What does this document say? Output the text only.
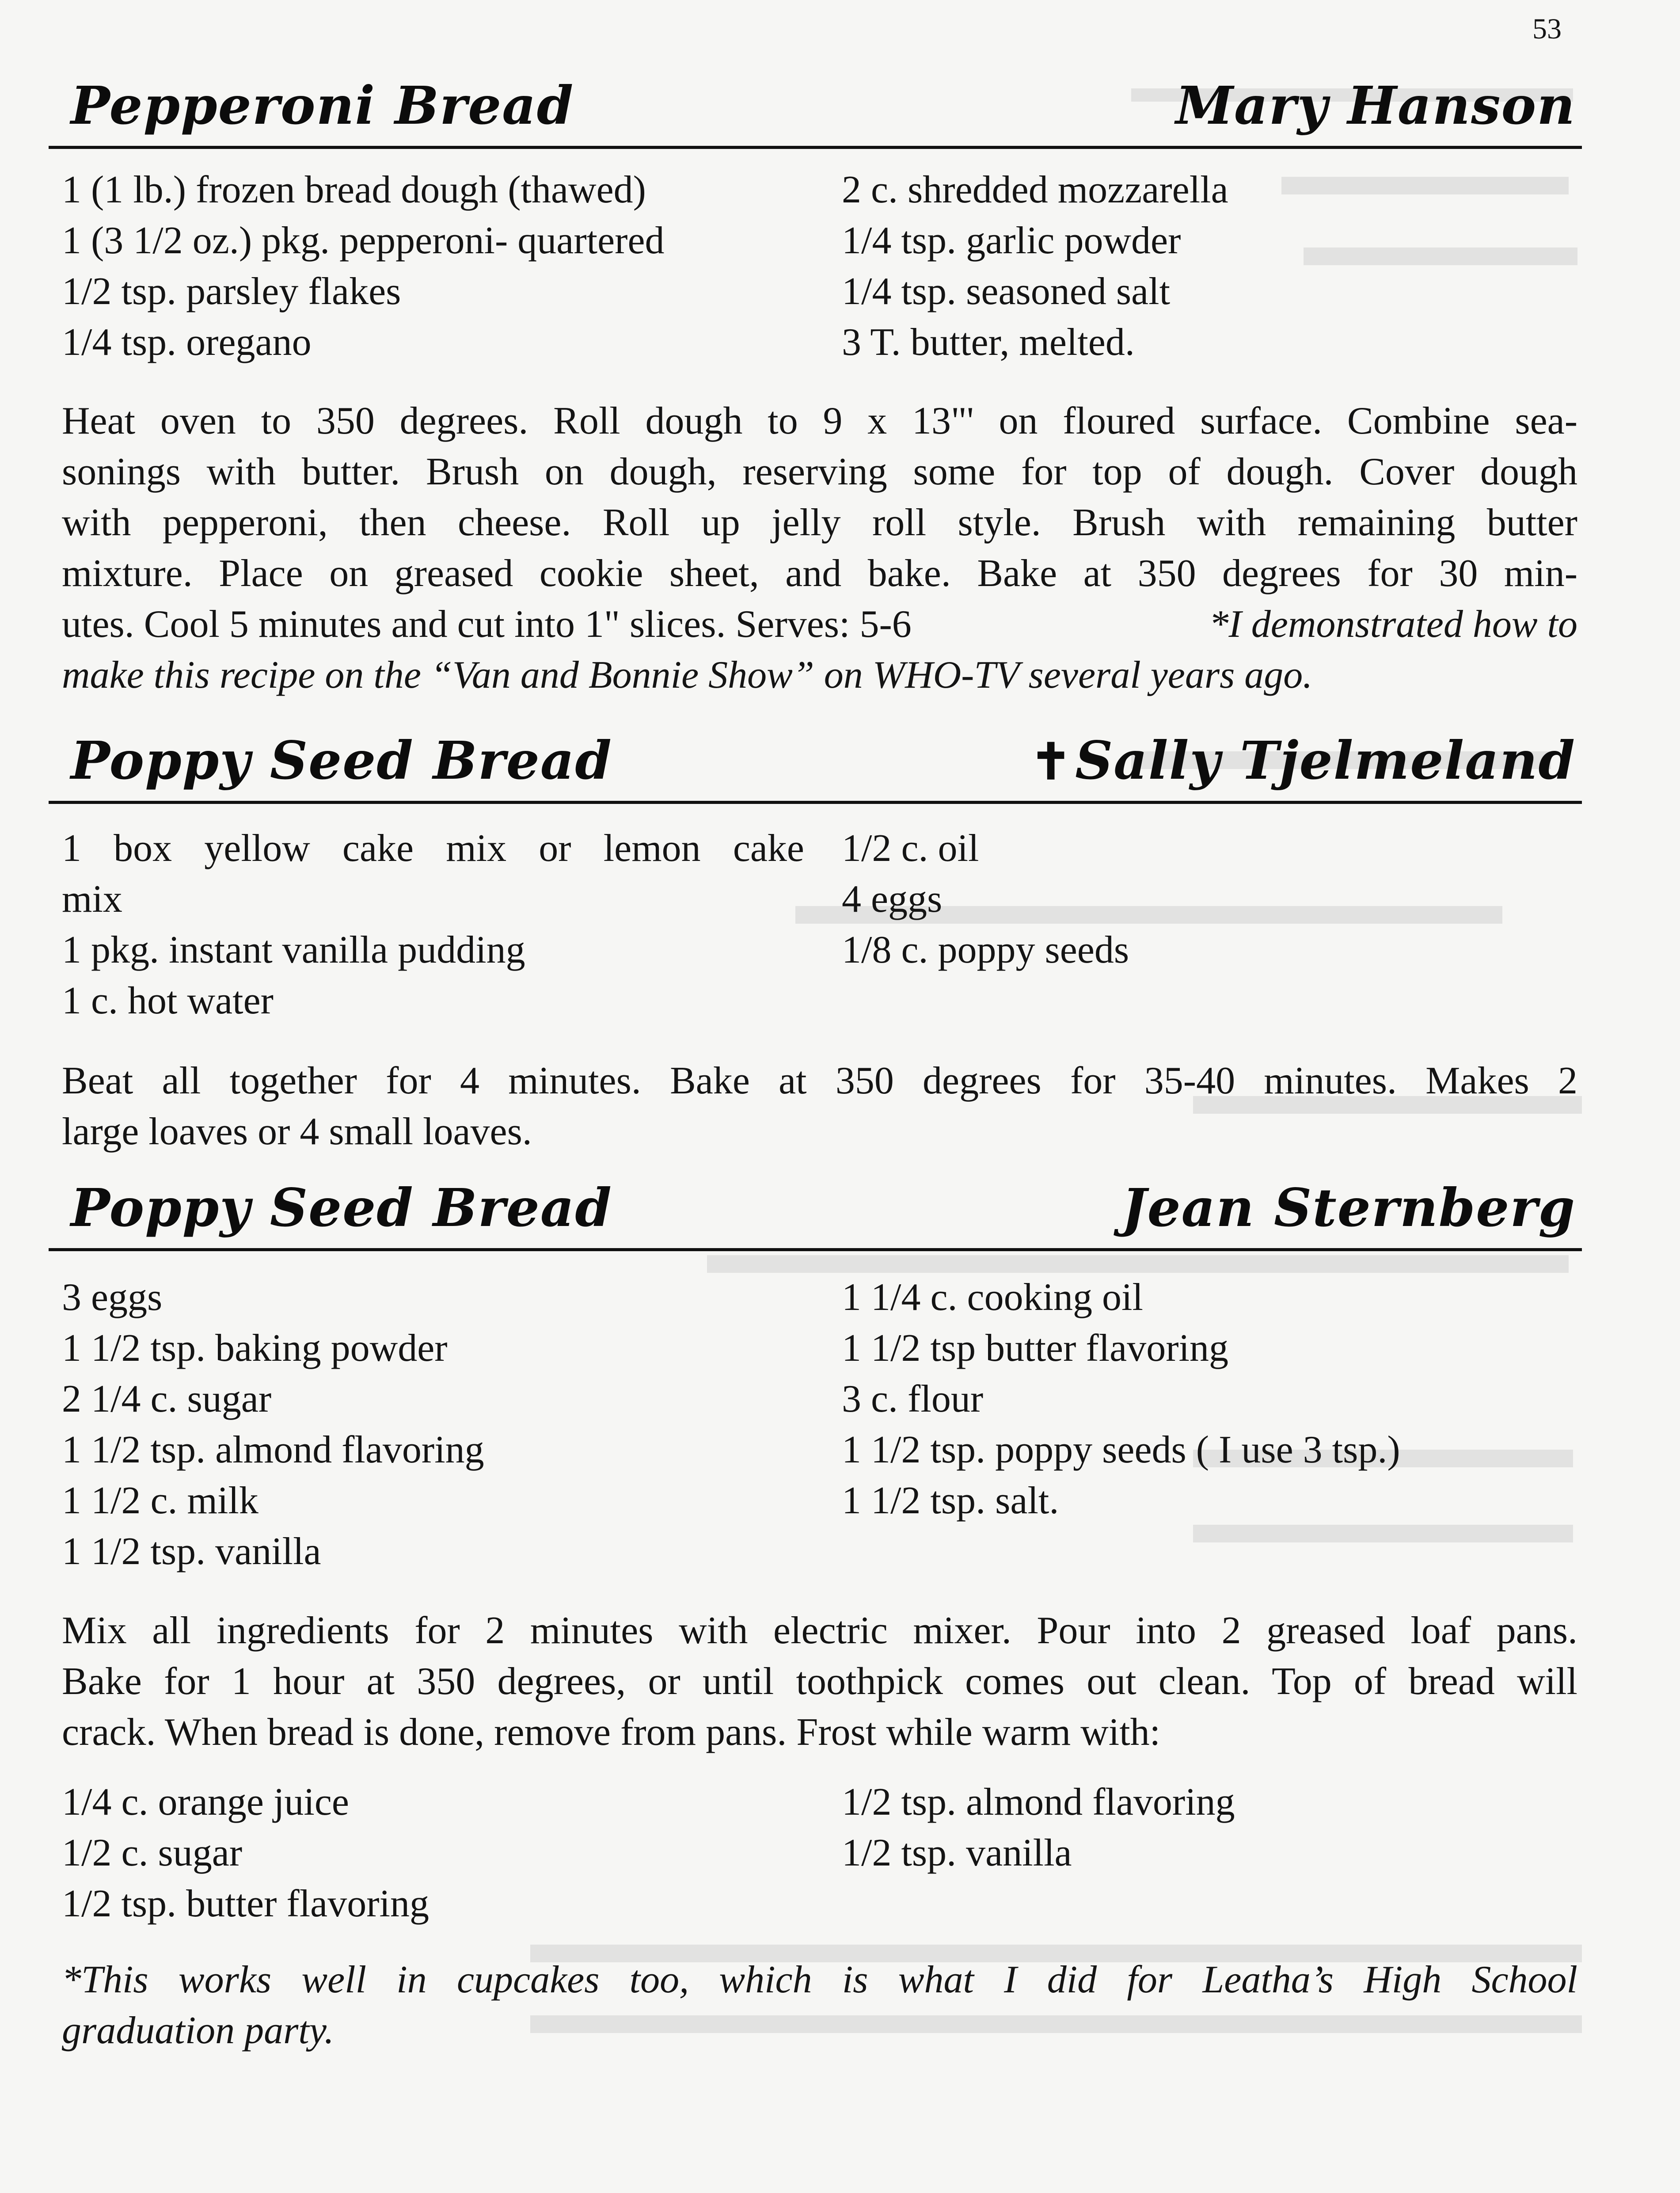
53
Pepperoni Bread	Mary Hanson
1 (1 lb.) frozen bread dough (thawed)
1 (3 1/2 oz.) pkg. pepperoni- quartered
1/2 tsp. parsley flakes
1/4 tsp. oregano
2 c. shredded mozzarella
1/4 tsp. garlic powder
1/4 tsp. seasoned salt
3 T. butter, melted.
Heat oven to 350 degrees. Roll dough to 9 x 13"' on floured surface. Combine sea-
sonings with butter. Brush on dough, reserving some for top of dough. Cover dough
with pepperoni, then cheese. Roll up jelly roll style. Brush with remaining butter
mixture. Place on greased cookie sheet, and bake. Bake at 350 degrees for 30 min-
utes. Cool 5 minutes and cut into 1" slices. Serves: 5-6	*I demonstrated how to
make this recipe on the “Van and Bonnie Show” on WHO-TV several years ago.
Poppy Seed Bread	✝Sally Tjelmeland
1 box yellow cake mix or lemon cake
mix
1 pkg. instant vanilla pudding
1 c. hot water
1/2 c. oil
4 eggs
1/8 c. poppy seeds
Beat all together for 4 minutes. Bake at 350 degrees for 35-40 minutes. Makes 2
large loaves or 4 small loaves.
Poppy Seed Bread	Jean Sternberg
3 eggs
1 1/2 tsp. baking powder
2 1/4 c. sugar
1 1/2 tsp. almond flavoring
1 1/2 c. milk
1 1/2 tsp. vanilla
1 1/4 c. cooking oil
1 1/2 tsp butter flavoring
3 c. flour
1 1/2 tsp. poppy seeds ( I use 3 tsp.)
1 1/2 tsp. salt.
Mix all ingredients for 2 minutes with electric mixer. Pour into 2 greased loaf pans.
Bake for 1 hour at 350 degrees, or until toothpick comes out clean. Top of bread will
crack. When bread is done, remove from pans. Frost while warm with:
1/4 c. orange juice
1/2 c. sugar
1/2 tsp. butter flavoring
1/2 tsp. almond flavoring
1/2 tsp. vanilla
*This works well in cupcakes too, which is what I did for Leatha’s High School
graduation party.
